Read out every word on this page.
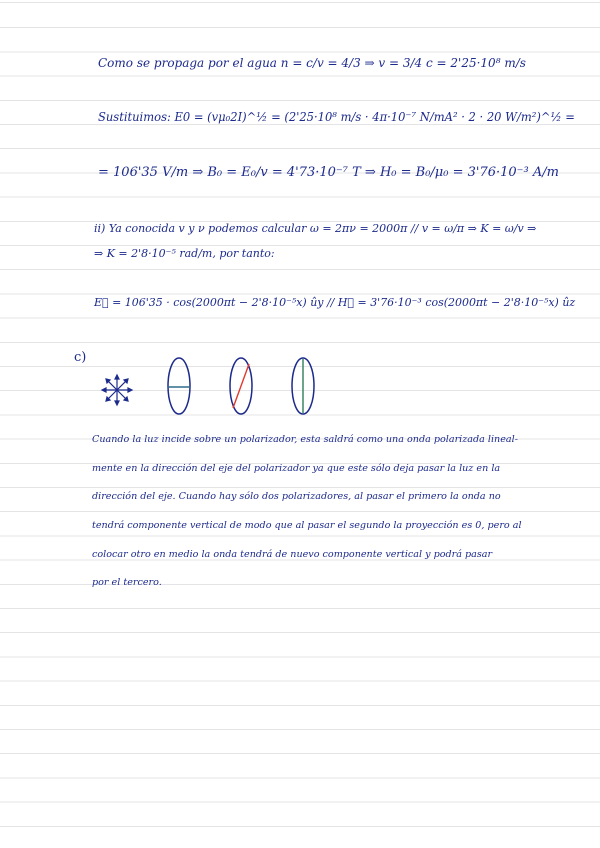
Como se propaga por el agua n = c/v = 4/3 ⇒ v = 3/4 c = 2'25·10⁸ m/s

Sustituimos: E0 = (vμ₀2I)^½ = (2'25·10⁸ m/s · 4π·10⁻⁷ N/mA² · 2 · 20 W/m²)^½ =

= 106'35 V/m ⇒ B₀ = E₀/v = 4'73·10⁻⁷ T ⇒ H₀ = B₀/μ₀ = 3'76·10⁻³ A/m

ii) Ya conocida v y ν podemos calcular ω = 2πν = 2000π // v = ω/π ⇒ K = ω/v ⇒

⇒ K = 2'8·10⁻⁵ rad/m, por tanto:

E⃗ = 106'35 · cos(2000πt − 2'8·10⁻⁵x) ûy // H⃗ = 3'76·10⁻³ cos(2000πt − 2'8·10⁻⁵x) ûz

c)

Cuando la luz incide sobre un polarizador, esta saldrá como una onda polarizada lineal-
mente en la dirección del eje del polarizador ya que este sólo deja pasar la luz en la
dirección del eje. Cuando hay sólo dos polarizadores, al pasar el primero la onda no
tendrá componente vertical de modo que al pasar el segundo la proyección es 0, pero al
colocar otro en medio la onda tendrá de nuevo componente vertical y podrá pasar
por el tercero.
